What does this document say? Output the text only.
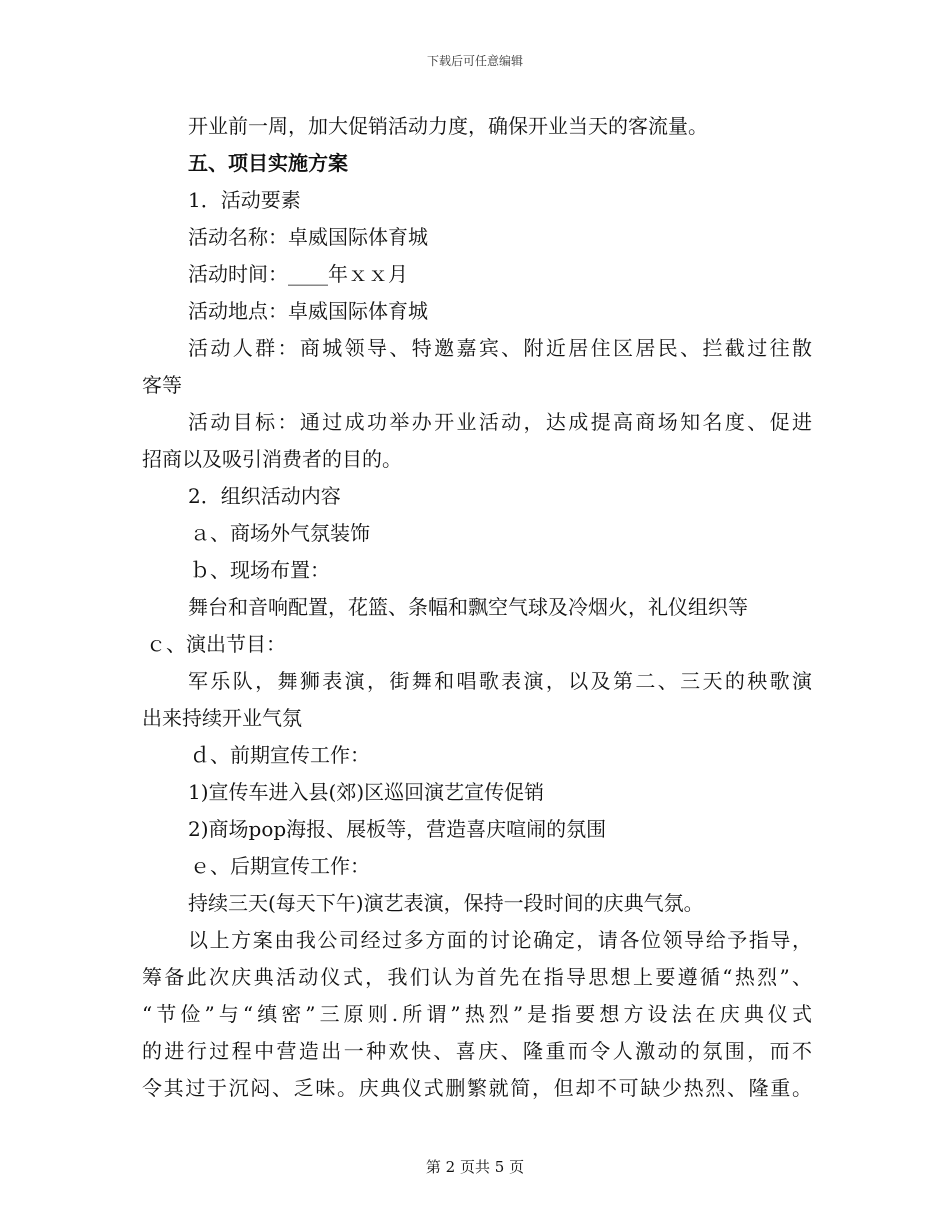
下载后可任意编辑
开业前一周，加大促销活动力度，确保开业当天的客流量。
五、项目实施方案
1．活动要素
活动名称：卓威国际体育城
活动时间：____年ｘｘ月
活动地点：卓威国际体育城
活动人群：商城领导、特邀嘉宾、附近居住区居民、拦截过往散
客等
活动目标：通过成功举办开业活动，达成提高商场知名度、促进
招商以及吸引消费者的目的。
2．组织活动内容
ａ、商场外气氛装饰
ｂ、现场布置：
舞台和音响配置，花篮、条幅和飘空气球及冷烟火，礼仪组织等
ｃ、演出节目：
军乐队，舞狮表演，街舞和唱歌表演，以及第二、三天的秧歌演
出来持续开业气氛
ｄ、前期宣传工作：
1)宣传车进入县(郊)区巡回演艺宣传促销
2)商场pop海报、展板等，营造喜庆喧闹的氛围
ｅ、后期宣传工作：
持续三天(每天下午)演艺表演，保持一段时间的庆典气氛。
以上方案由我公司经过多方面的讨论确定，请各位领导给予指导，
筹备此次庆典活动仪式，我们认为首先在指导思想上要遵循“热烈”、
“节俭”与“缜密”三原则.所谓”热烈”是指要想方设法在庆典仪式
的进行过程中营造出一种欢快、喜庆、隆重而令人激动的氛围，而不
令其过于沉闷、乏味。庆典仪式删繁就简，但却不可缺少热烈、隆重。
第 2 页共 5 页
